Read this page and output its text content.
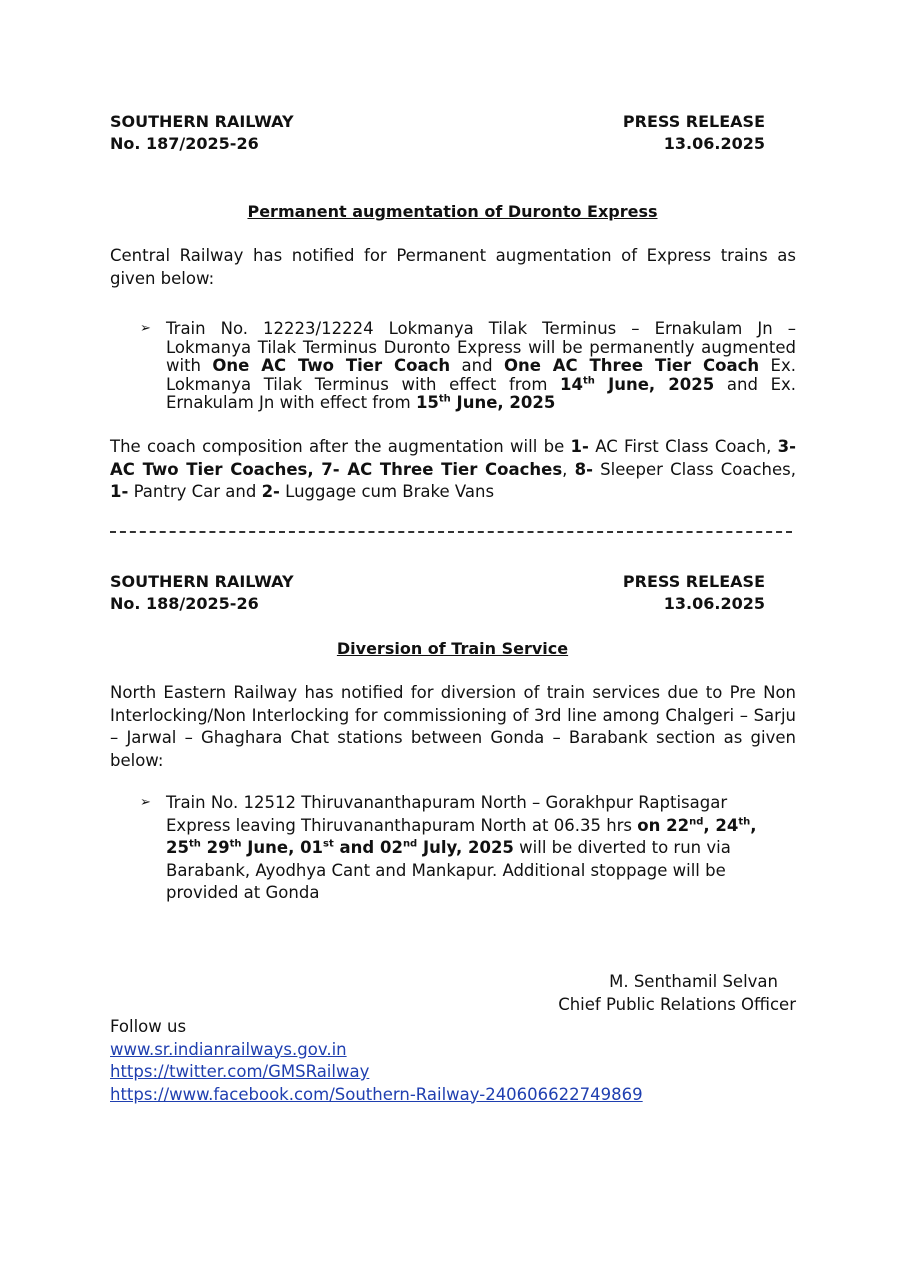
SOUTHERN RAILWAY	PRESS RELEASE
No. 187/2025-26	13.06.2025
Permanent augmentation of Duronto Express
Central Railway has notified for Permanent augmentation of Express trains as given below:
➢ Train No. 12223/12224 Lokmanya Tilak Terminus – Ernakulam Jn – Lokmanya Tilak Terminus Duronto Express will be permanently augmented with One AC Two Tier Coach and One AC Three Tier Coach Ex. Lokmanya Tilak Terminus with effect from 14th June, 2025 and Ex. Ernakulam Jn with effect from 15th June, 2025
The coach composition after the augmentation will be 1- AC First Class Coach, 3- AC Two Tier Coaches, 7- AC Three Tier Coaches, 8- Sleeper Class Coaches, 1- Pantry Car and 2- Luggage cum Brake Vans
SOUTHERN RAILWAY	PRESS RELEASE
No. 188/2025-26	13.06.2025
Diversion of Train Service
North Eastern Railway has notified for diversion of train services due to Pre Non Interlocking/Non Interlocking for commissioning of 3rd line among Chalgeri – Sarju – Jarwal – Ghaghara Chat stations between Gonda – Barabank section as given below:
➢ Train No. 12512 Thiruvananthapuram North – Gorakhpur Raptisagar Express leaving Thiruvananthapuram North at 06.35 hrs on 22nd, 24th, 25th 29th June, 01st and 02nd July, 2025 will be diverted to run via Barabank, Ayodhya Cant and Mankapur. Additional stoppage will be provided at Gonda
M. Senthamil Selvan
Chief Public Relations Officer
Follow us
www.sr.indianrailways.gov.in
https://twitter.com/GMSRailway
https://www.facebook.com/Southern-Railway-240606622749869
